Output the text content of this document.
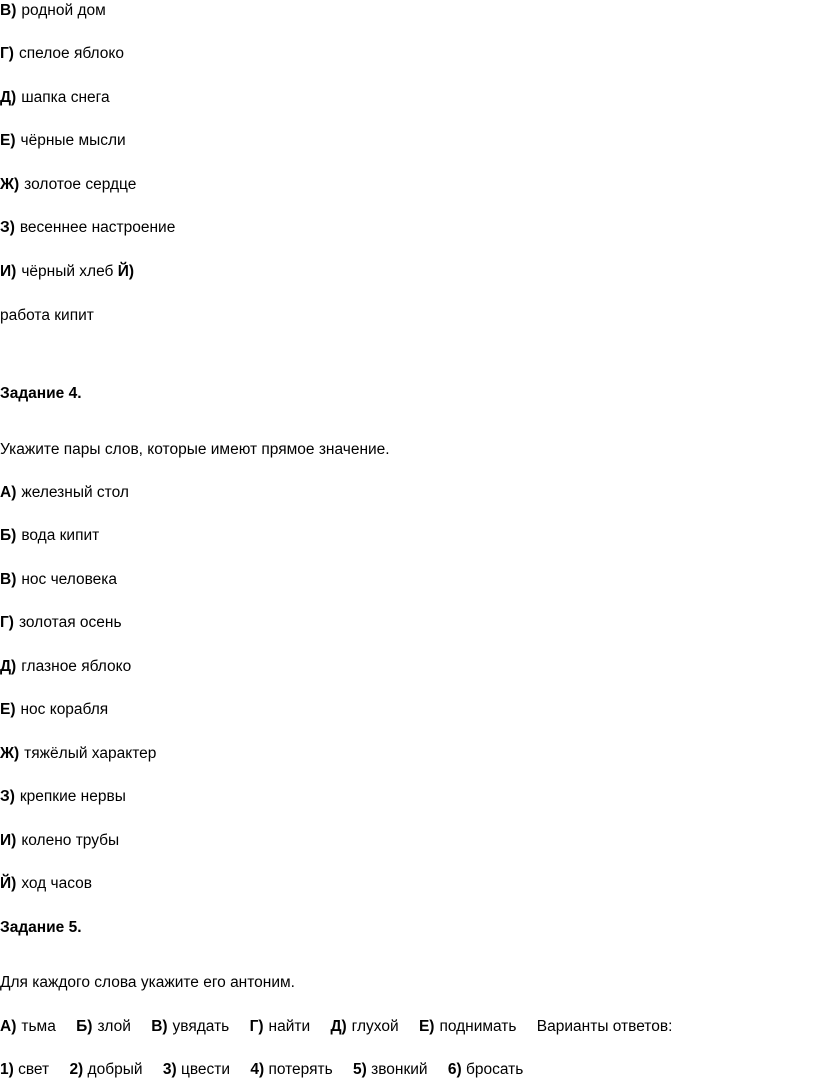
В) родной дом
Г) спелое яблоко
Д) шапка снега
Е) чёрные мысли
Ж) золотое сердце
З) весеннее настроение
И) чёрный хлеб Й)
работа кипит
Задание 4.
Укажите пары слов, которые имеют прямое значение.
А) железный стол
Б) вода кипит
В) нос человека
Г) золотая осень
Д) глазное яблоко
Е) нос корабля
Ж) тяжёлый характер
З) крепкие нервы
И) колено трубы
Й) ход часов
Задание 5.
Для каждого слова укажите его антоним.
А) тьма Б) злой В) увядать Г) найти Д) глухой Е) поднимать Варианты ответов:
1) свет 2) добрый 3) цвести 4) потерять 5) звонкий 6) бросать
